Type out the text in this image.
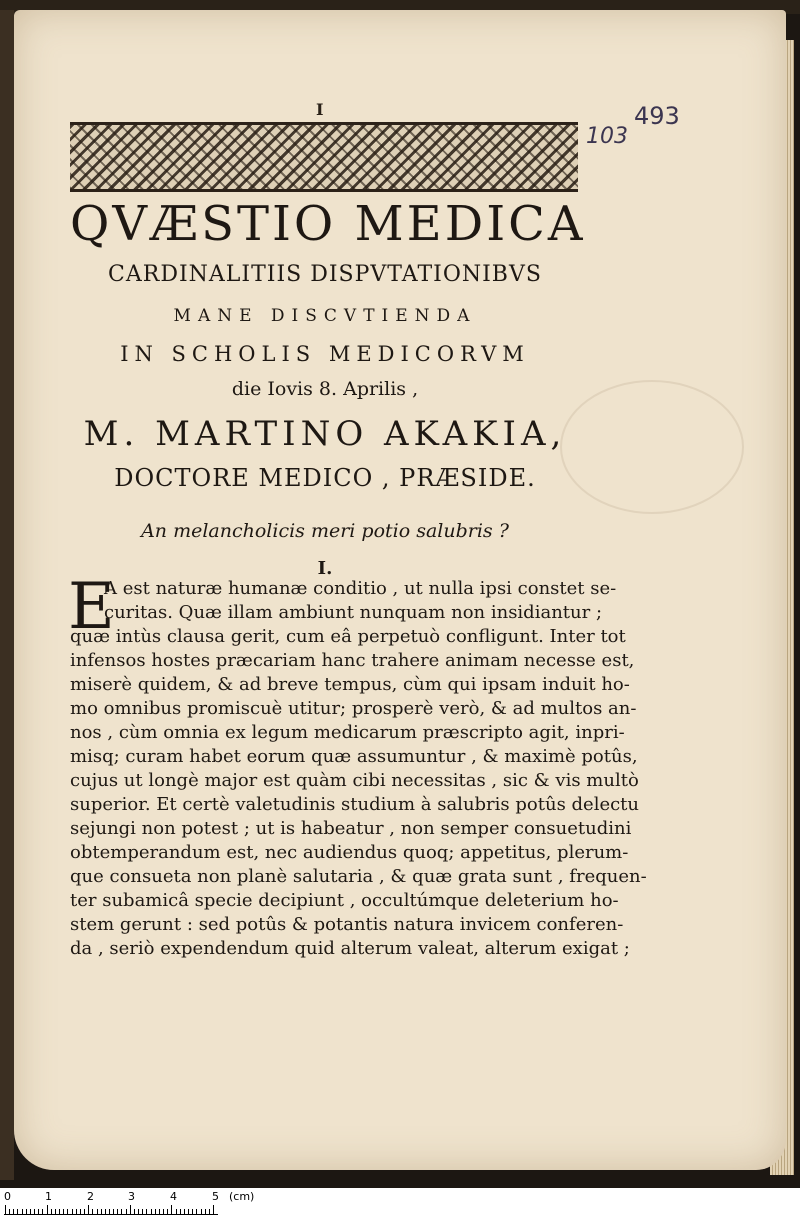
I	493
103
QVÆSTIO MEDICA
CARDINALITIIS DISPVTATIONIBVS
MANE DISCVTIENDA
IN SCHOLIS MEDICORVM
die Iovis 8. Aprilis ,
M. MARTINO AKAKIA,
DOCTORE MEDICO , PRÆSIDE.
An melancholicis meri potio salubris ?
I.
E
A est naturæ humanæ conditio , ut nulla ipsi constet se-
curitas. Quæ illam ambiunt nunquam non insidiantur ;
quæ intùs clausa gerit, cum eâ perpetuò confligunt. Inter tot
infensos hostes præcariam hanc trahere animam necesse est,
miserè quidem, & ad breve tempus, cùm qui ipsam induit ho-
mo omnibus promiscuè utitur; prosperè verò, & ad multos an-
nos , cùm omnia ex legum medicarum præscripto agit, inpri-
misq; curam habet eorum quæ assumuntur , & maximè potûs,
cujus ut longè major est quàm cibi necessitas , sic & vis multò
superior. Et certè valetudinis studium à salubris potûs delectu
sejungi non potest ; ut is habeatur , non semper consuetudini
obtemperandum est, nec audiendus quoq; appetitus, plerum-
que consueta non planè salutaria , & quæ grata sunt , frequen-
ter subamicâ specie decipiunt , occultúmque deleterium ho-
stem gerunt : sed potûs & potantis natura invicem conferen-
da , seriò expendendum quid alterum valeat, alterum exigat ;
0	1	2	3	4	5 (cm)
